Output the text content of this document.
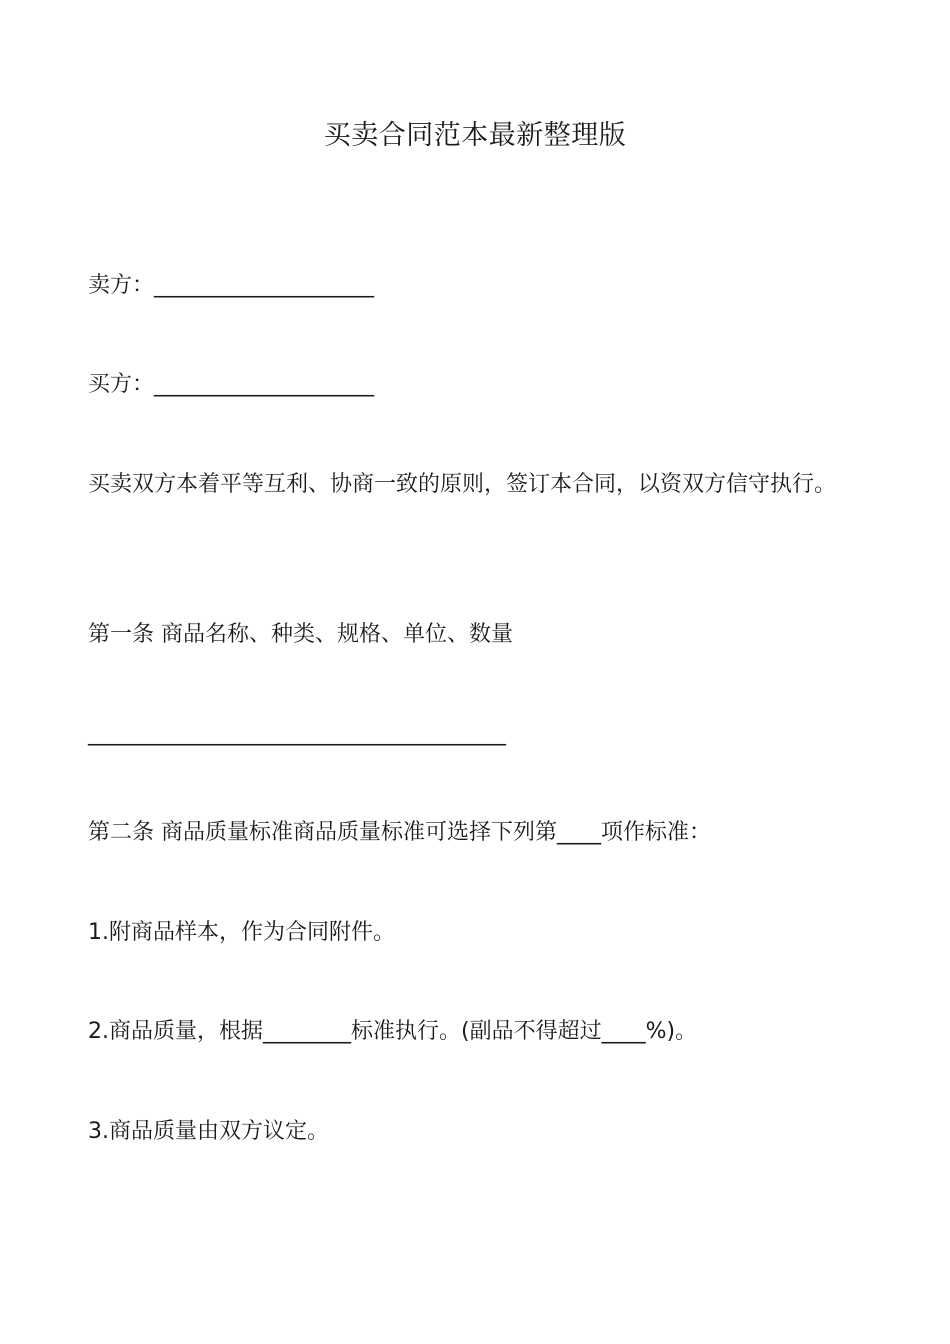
买卖合同范本最新整理版

卖方：____________________

买方：____________________

买卖双方本着平等互利、协商一致的原则，签订本合同，以资双方信守执行。

第一条 商品名称、种类、规格、单位、数量

______________________________________

第二条 商品质量标准商品质量标准可选择下列第____项作标准：

1.附商品样本，作为合同附件。

2.商品质量，根据________标准执行。(副品不得超过____%)。

3.商品质量由双方议定。
